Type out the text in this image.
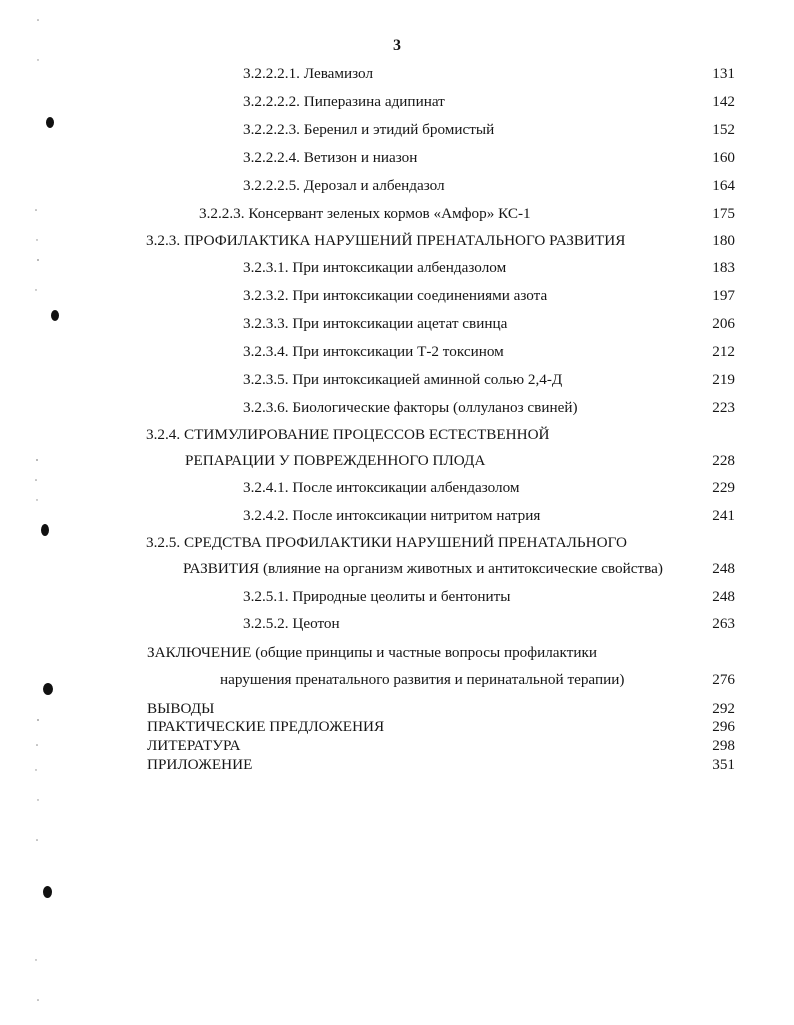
3
3.2.2.2.1. Левамизол	131
3.2.2.2.2. Пиперазина адипинат	142
3.2.2.2.3. Беренил и этидий бромистый	152
3.2.2.2.4. Ветизон и ниазон	160
3.2.2.2.5. Дерозал и албендазол	164
3.2.2.3. Консервант зеленых кормов «Амфор» КС-1	175
3.2.3. ПРОФИЛАКТИКА НАРУШЕНИЙ ПРЕНАТАЛЬНОГО РАЗВИТИЯ	180
3.2.3.1. При интоксикации албендазолом	183
3.2.3.2. При интоксикации соединениями азота	197
3.2.3.3. При интоксикации ацетат свинца	206
3.2.3.4. При интоксикации Т-2 токсином	212
3.2.3.5. При интоксикацией аминной солью 2,4-Д	219
3.2.3.6. Биологические факторы (оллуланоз свиней)	223
3.2.4. СТИМУЛИРОВАНИЕ ПРОЦЕССОВ ЕСТЕСТВЕННОЙ
РЕПАРАЦИИ У ПОВРЕЖДЕННОГО ПЛОДА	228
3.2.4.1. После интоксикации албендазолом	229
3.2.4.2. После интоксикации нитритом натрия	241
3.2.5. СРЕДСТВА ПРОФИЛАКТИКИ НАРУШЕНИЙ ПРЕНАТАЛЬНОГО
РАЗВИТИЯ (влияние на организм животных и антитоксические свойства)	248
3.2.5.1. Природные цеолиты и бентониты	248
3.2.5.2. Цеотон	263
ЗАКЛЮЧЕНИЕ (общие принципы и частные вопросы профилактики
нарушения пренатального развития и перинатальной терапии)	276
ВЫВОДЫ	292
ПРАКТИЧЕСКИЕ ПРЕДЛОЖЕНИЯ	296
ЛИТЕРАТУРА	298
ПРИЛОЖЕНИЕ	351
